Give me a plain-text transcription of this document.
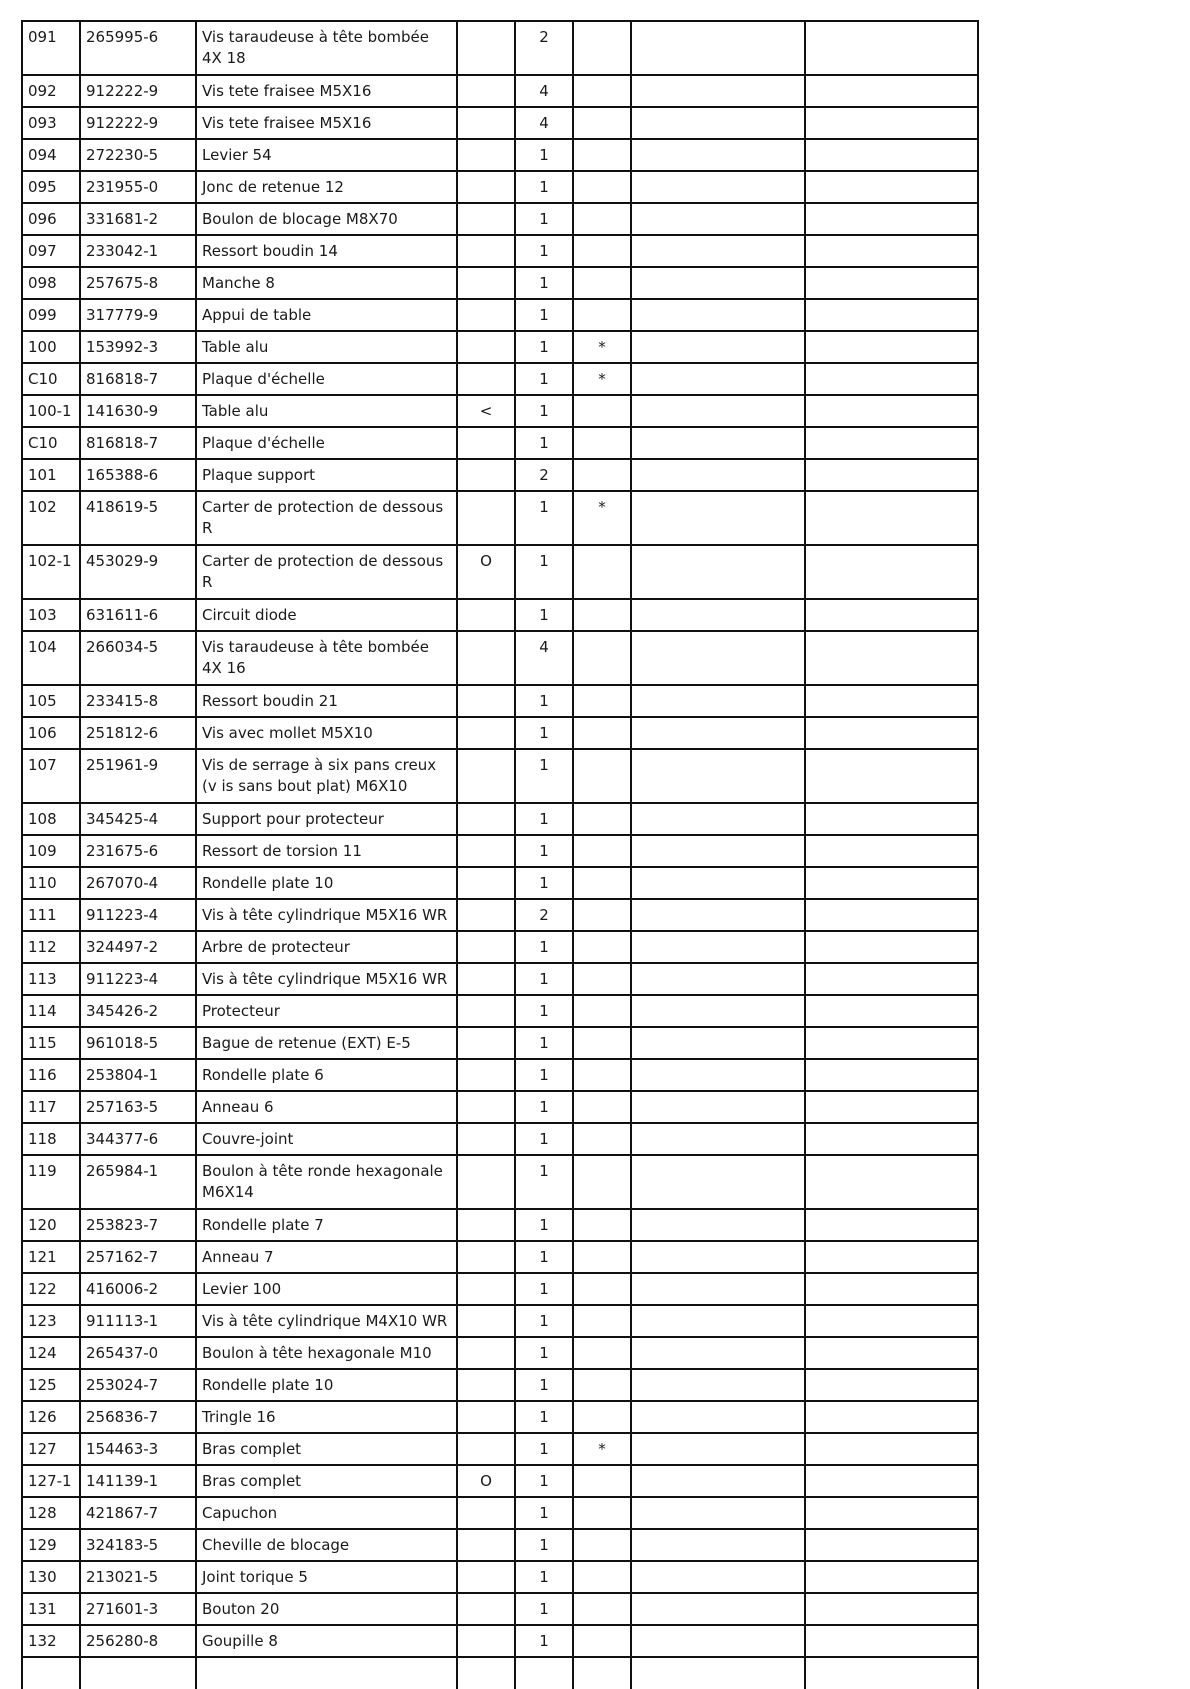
091	265995-6	Vis taraudeuse à tête bombée 4X 18		2			
092	912222-9	Vis tete fraisee M5X16		4			
093	912222-9	Vis tete fraisee M5X16		4			
094	272230-5	Levier 54		1			
095	231955-0	Jonc de retenue 12		1			
096	331681-2	Boulon de blocage M8X70		1			
097	233042-1	Ressort boudin 14		1			
098	257675-8	Manche 8		1			
099	317779-9	Appui de table		1			
100	153992-3	Table alu		1	*		
C10	816818-7	Plaque d'échelle		1	*		
100-1	141630-9	Table alu	<	1			
C10	816818-7	Plaque d'échelle		1			
101	165388-6	Plaque support		2			
102	418619-5	Carter de protection de dessous R		1	*		
102-1	453029-9	Carter de protection de dessous R	O	1			
103	631611-6	Circuit diode		1			
104	266034-5	Vis taraudeuse à tête bombée 4X 16		4			
105	233415-8	Ressort boudin 21		1			
106	251812-6	Vis avec mollet M5X10		1			
107	251961-9	Vis de serrage à six pans creux (v is sans bout plat) M6X10		1			
108	345425-4	Support pour protecteur		1			
109	231675-6	Ressort de torsion 11		1			
110	267070-4	Rondelle plate 10		1			
111	911223-4	Vis à tête cylindrique M5X16 WR		2			
112	324497-2	Arbre de protecteur		1			
113	911223-4	Vis à tête cylindrique M5X16 WR		1			
114	345426-2	Protecteur		1			
115	961018-5	Bague de retenue (EXT) E-5		1			
116	253804-1	Rondelle plate 6		1			
117	257163-5	Anneau 6		1			
118	344377-6	Couvre-joint		1			
119	265984-1	Boulon à tête ronde hexagonale M6X14		1			
120	253823-7	Rondelle plate 7		1			
121	257162-7	Anneau 7		1			
122	416006-2	Levier 100		1			
123	911113-1	Vis à tête cylindrique M4X10 WR		1			
124	265437-0	Boulon à tête hexagonale M10		1			
125	253024-7	Rondelle plate 10		1			
126	256836-7	Tringle 16		1			
127	154463-3	Bras complet		1	*		
127-1	141139-1	Bras complet	O	1			
128	421867-7	Capuchon		1			
129	324183-5	Cheville de blocage		1			
130	213021-5	Joint torique 5		1			
131	271601-3	Bouton 20		1			
132	256280-8	Goupille 8		1			
